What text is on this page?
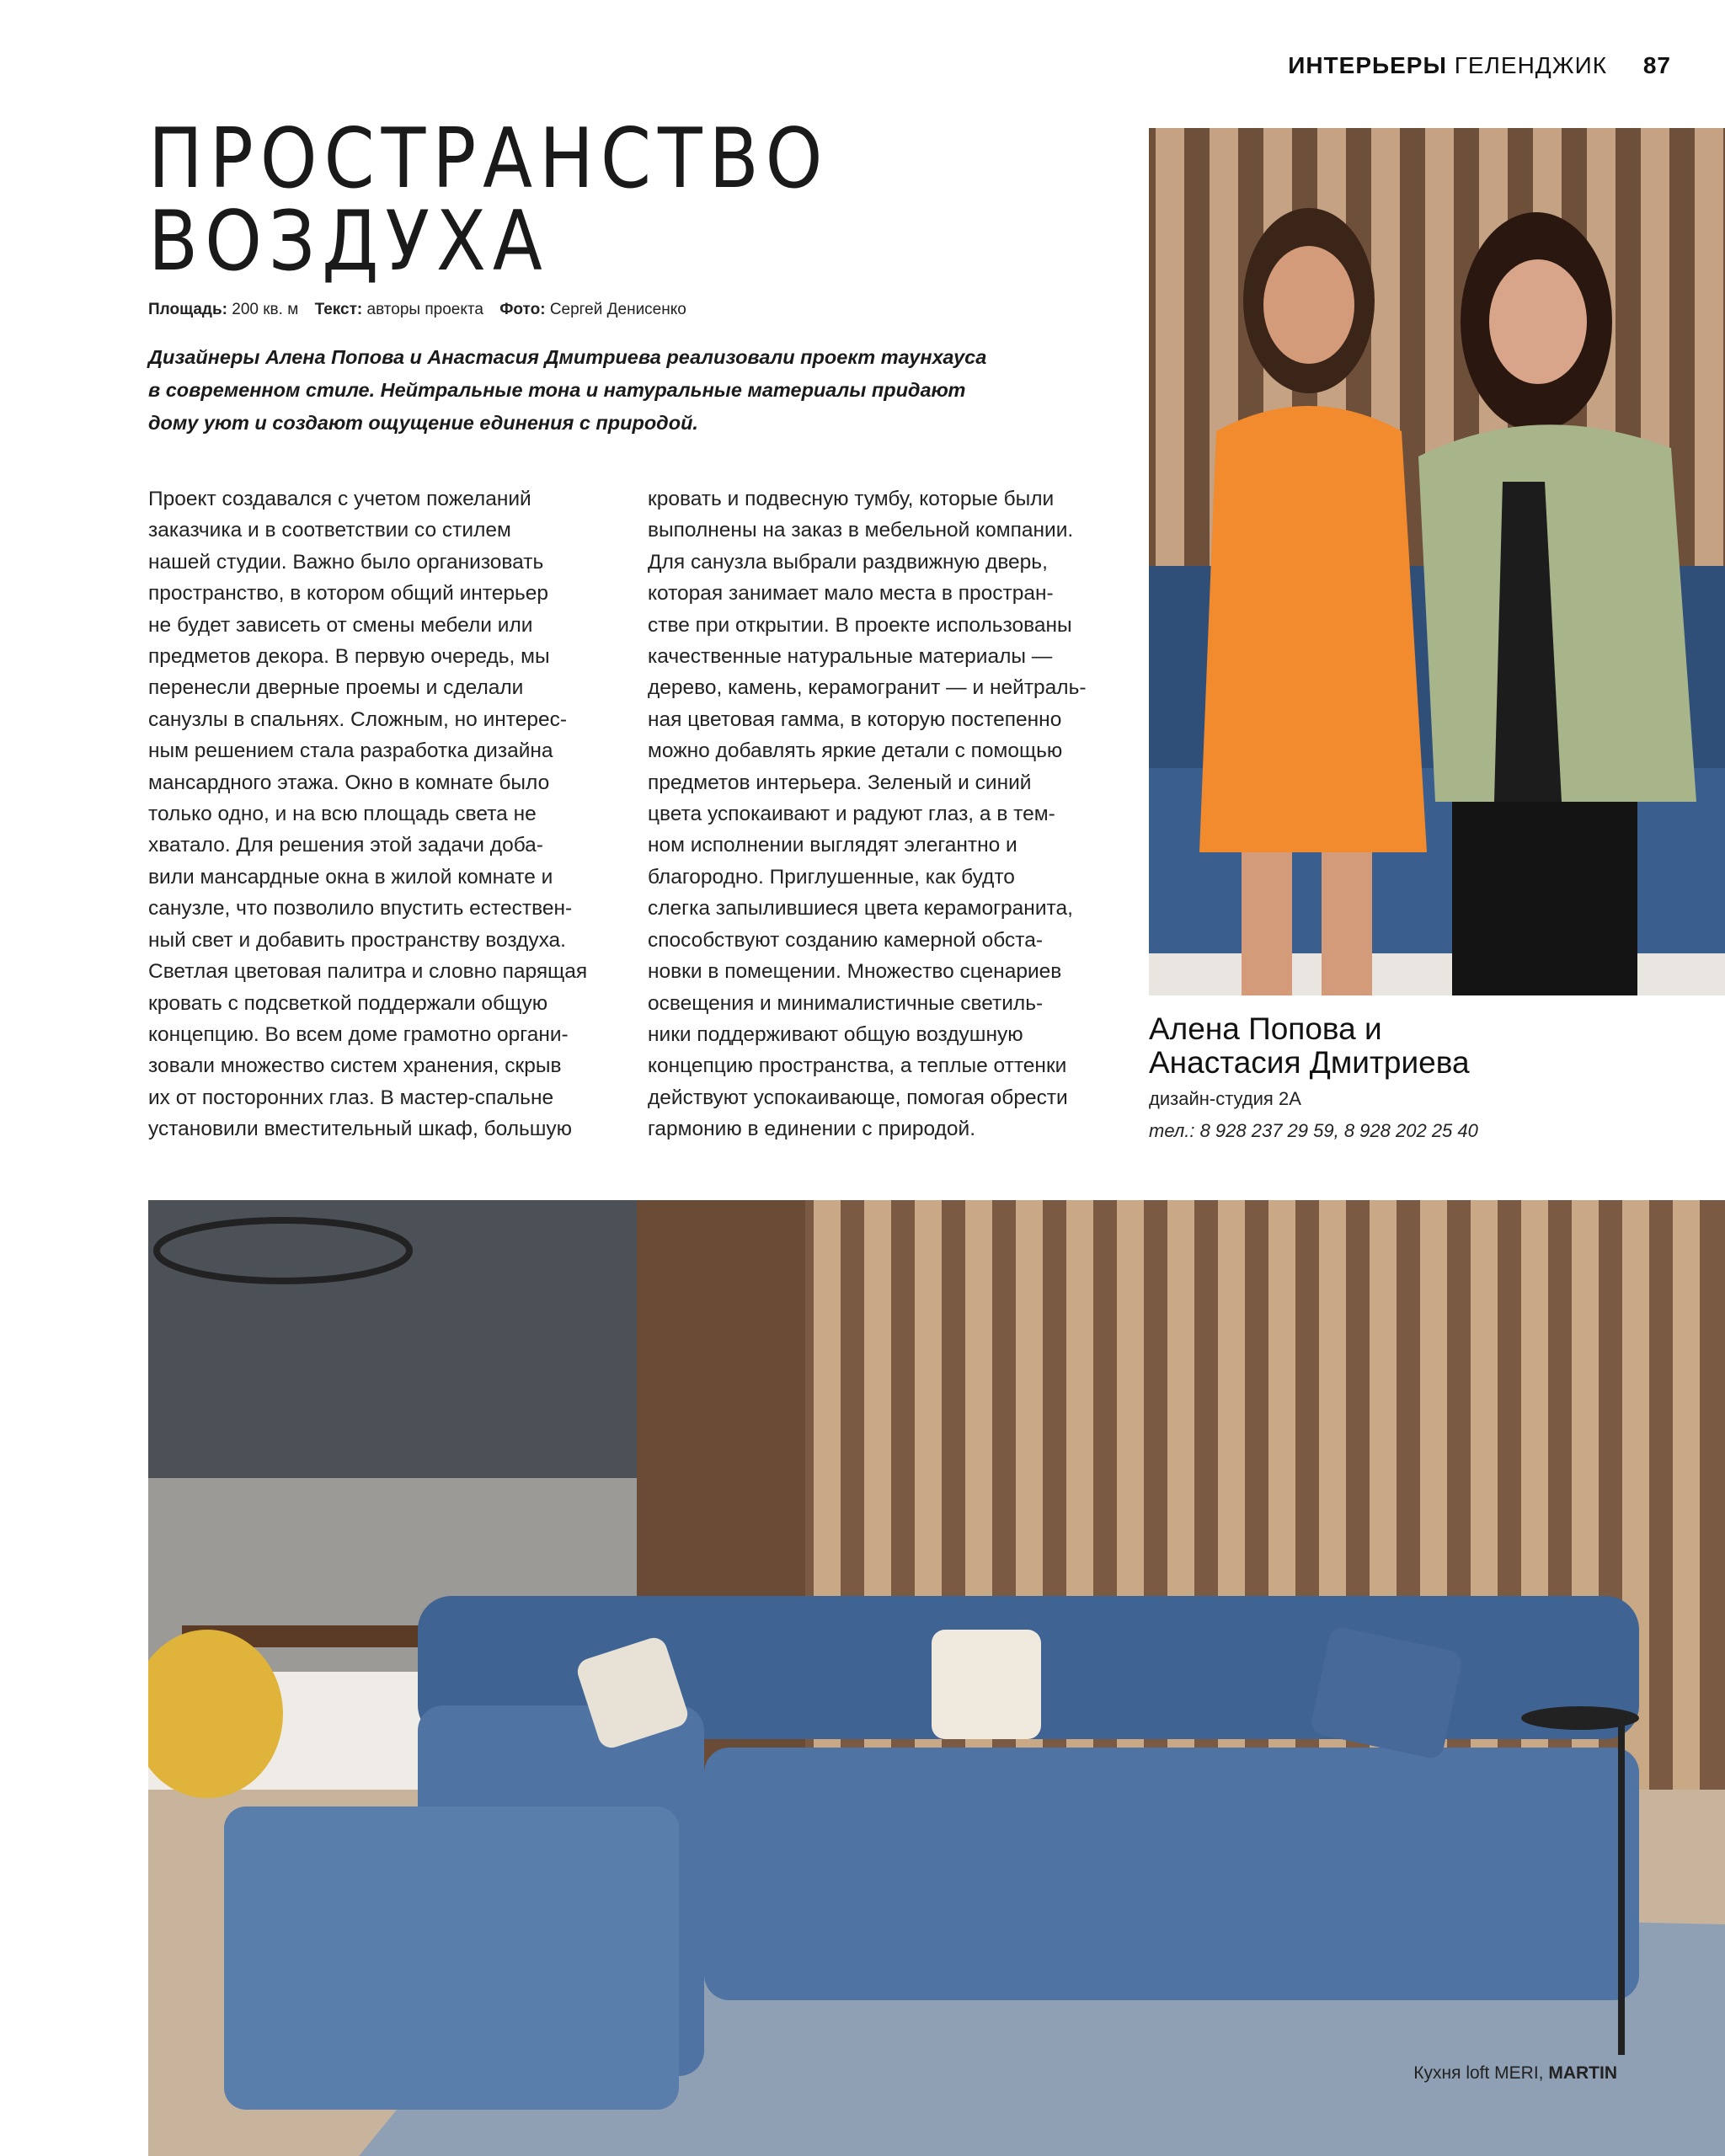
ИНТЕРЬЕРЫ ГЕЛЕНДЖИК 87
ПРОСТРАНСТВО
ВОЗДУХА
Площадь: 200 кв. м Текст: авторы проекта Фото: Сергей Денисенко
Дизайнеры Алена Попова и Анастасия Дмитриева реализовали проект таунхауса в современном стиле. Нейтральные тона и натуральные материалы придают дому уют и создают ощущение единения с природой.
Проект создавался с учетом пожеланий
заказчика и в соответствии со стилем
нашей студии. Важно было организовать
пространство, в котором общий интерьер
не будет зависеть от смены мебели или
предметов декора. В первую очередь, мы
перенесли дверные проемы и сделали
санузлы в спальнях. Сложным, но интерес-
ным решением стала разработка дизайна
мансардного этажа. Окно в комнате было
только одно, и на всю площадь света не
хватало. Для решения этой задачи доба-
вили мансардные окна в жилой комнате и
санузле, что позволило впустить естествен-
ный свет и добавить пространству воздуха.
Светлая цветовая палитра и словно парящая
кровать с подсветкой поддержали общую
концепцию. Во всем доме грамотно органи-
зовали множество систем хранения, скрыв
их от посторонних глаз. В мастер-спальне
установили вместительный шкаф, большую
кровать и подвесную тумбу, которые были
выполнены на заказ в мебельной компании.
Для санузла выбрали раздвижную дверь,
которая занимает мало места в простран-
стве при открытии. В проекте использованы
качественные натуральные материалы —
дерево, камень, керамогранит — и нейтраль-
ная цветовая гамма, в которую постепенно
можно добавлять яркие детали с помощью
предметов интерьера. Зеленый и синий
цвета успокаивают и радуют глаз, а в тем-
ном исполнении выглядят элегантно и
благородно. Приглушенные, как будто
слегка запылившиеся цвета керамогранита,
способствуют созданию камерной обста-
новки в помещении. Множество сценариев
освещения и минималистичные светиль-
ники поддерживают общую воздушную
концепцию пространства, а теплые оттенки
действуют успокаивающе, помогая обрести
гармонию в единении с природой.
Алена Попова и
Анастасия Дмитриева
дизайн-студия 2А
тел.: 8 928 237 29 59, 8 928 202 25 40
Кухня loft MERI, MARTIN
